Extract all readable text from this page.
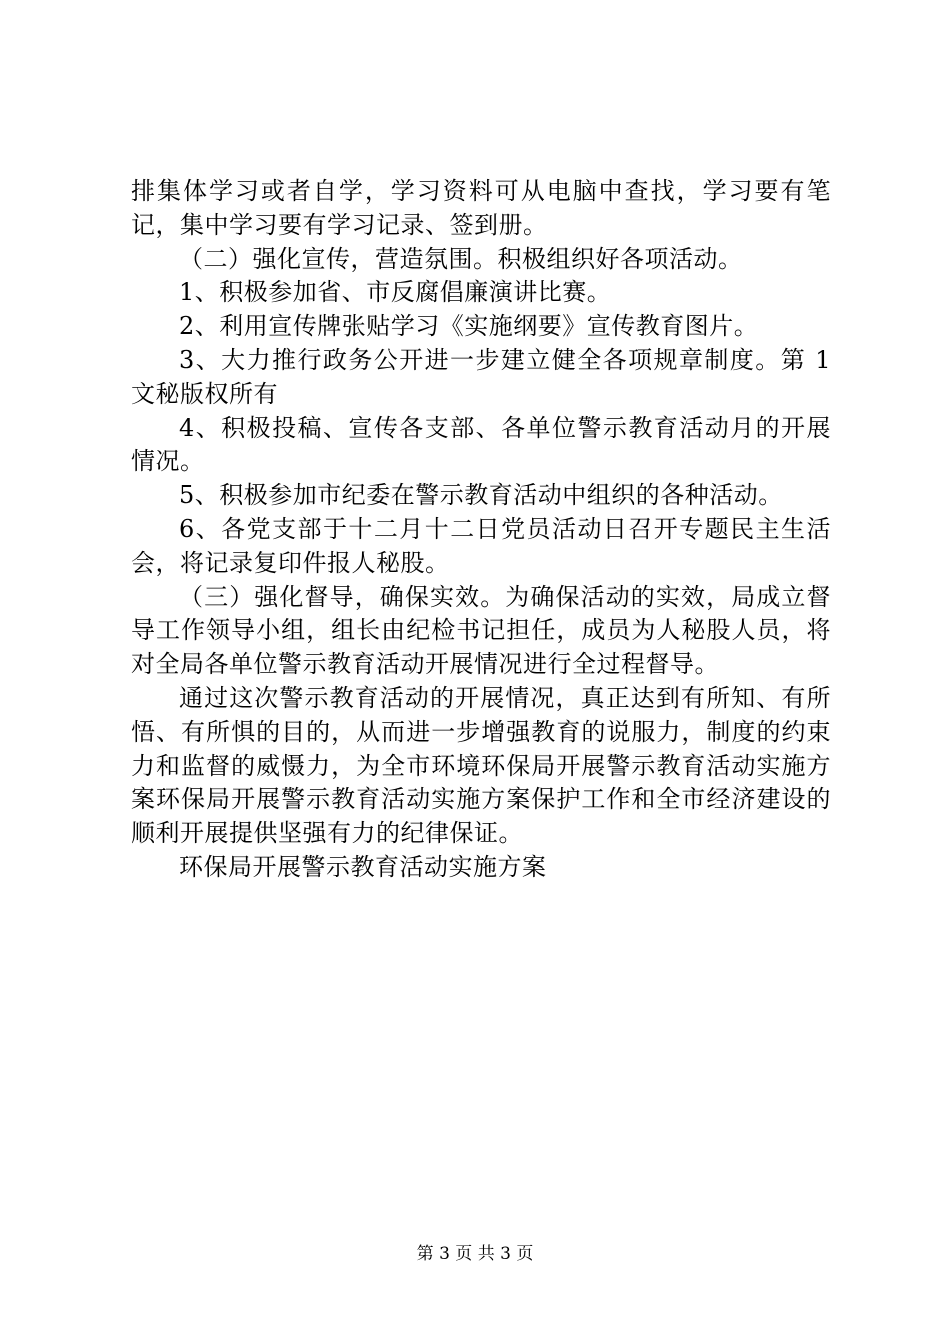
排集体学习或者自学，学习资料可从电脑中查找，学习要有笔记，集中学习要有学习记录、签到册。

（二）强化宣传，营造氛围。积极组织好各项活动。

1、积极参加省、市反腐倡廉演讲比赛。

2、利用宣传牌张贴学习《实施纲要》宣传教育图片。

3、大力推行政务公开进一步建立健全各项规章制度。第 1 文秘版权所有

4、积极投稿、宣传各支部、各单位警示教育活动月的开展情况。

5、积极参加市纪委在警示教育活动中组织的各种活动。

6、各党支部于十二月十二日党员活动日召开专题民主生活会，将记录复印件报人秘股。

（三）强化督导，确保实效。为确保活动的实效，局成立督导工作领导小组，组长由纪检书记担任，成员为人秘股人员，将对全局各单位警示教育活动开展情况进行全过程督导。

通过这次警示教育活动的开展情况，真正达到有所知、有所悟、有所惧的目的，从而进一步增强教育的说服力，制度的约束力和监督的威慑力，为全市环境环保局开展警示教育活动实施方案环保局开展警示教育活动实施方案保护工作和全市经济建设的顺利开展提供坚强有力的纪律保证。

环保局开展警示教育活动实施方案

第 3 页 共 3 页
